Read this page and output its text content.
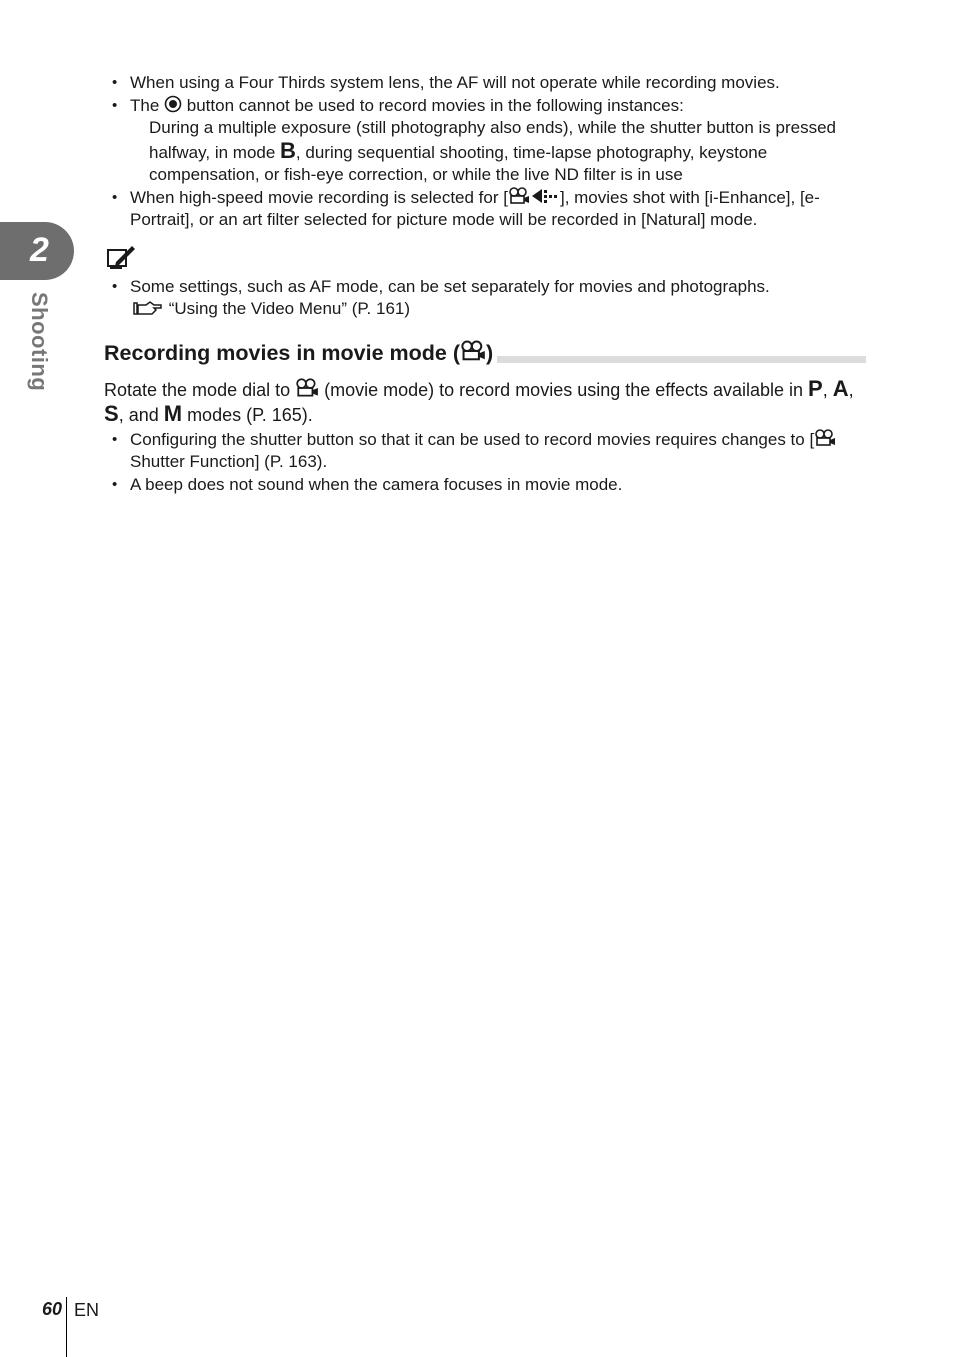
2
Shooting
• When using a Four Thirds system lens, the AF will not operate while recording movies.
• The  button cannot be used to record movies in the following instances:
During a multiple exposure (still photography also ends), while the shutter button is pressed halfway, in mode B, during sequential shooting, time-lapse photography, keystone compensation, or fish-eye correction, or while the live ND filter is in use
• When high-speed movie recording is selected for [	], movies shot with [i-Enhance], [e-Portrait], or an art filter selected for picture mode will be recorded in [Natural] mode.
• Some settings, such as AF mode, can be set separately for movies and photographs.
“Using the Video Menu” (P. 161)
Recording movies in movie mode ( )

Rotate the mode dial to  (movie mode) to record movies using the effects available in P, A, S, and M modes (P. 165).

• Configuring the shutter button so that it can be used to record movies requires changes to [ Shutter Function] (P. 163).
• A beep does not sound when the camera focuses in movie mode.
60 EN
